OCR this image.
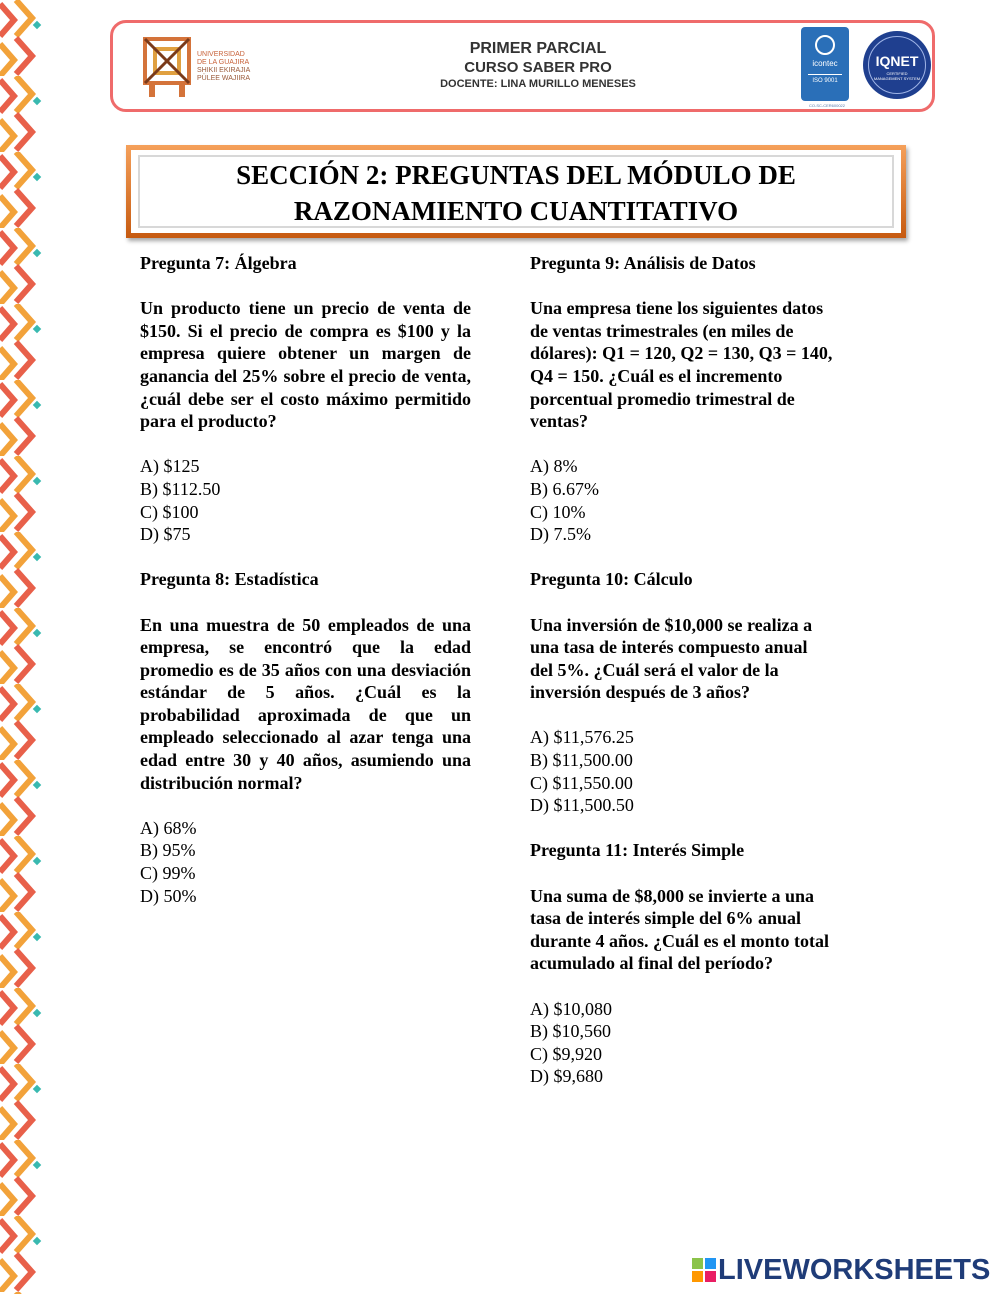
UNIVERSIDAD
DE LA GUAJIRA
SHIKII EKIRAJIA
PÜLEE WAJIIRA
PRIMER PARCIAL
CURSO SABER PRO
DOCENTE: LINA MURILLO MENESES
icontec
ISO 9001
CO-SC-CER600022
IQNET
CERTIFIED MANAGEMENT SYSTEM
SECCIÓN 2: PREGUNTAS DEL MÓDULO DE
RAZONAMIENTO CUANTITATIVO
Pregunta 7: Álgebra
Un producto tiene un precio de venta de $150. Si el precio de compra es $100 y la empresa quiere obtener un margen de ganancia del 25% sobre el precio de venta, ¿cuál debe ser el costo máximo permitido para el producto?
A) $125
B) $112.50
C) $100
D) $75
Pregunta 8: Estadística
En una muestra de 50 empleados de una empresa, se encontró que la edad promedio es de 35 años con una desviación estándar de 5 años. ¿Cuál es la probabilidad aproximada de que un empleado seleccionado al azar tenga una edad entre 30 y 40 años, asumiendo una distribución normal?
A) 68%
B) 95%
C) 99%
D) 50%
Pregunta 9: Análisis de Datos
Una empresa tiene los siguientes datos
de ventas trimestrales (en miles de
dólares): Q1 = 120, Q2 = 130, Q3 = 140,
Q4 = 150. ¿Cuál es el incremento
porcentual promedio trimestral de
ventas?
A) 8%
B) 6.67%
C) 10%
D) 7.5%
Pregunta 10: Cálculo
Una inversión de $10,000 se realiza a
una tasa de interés compuesto anual
del 5%. ¿Cuál será el valor de la
inversión después de 3 años?
A) $11,576.25
B) $11,500.00
C) $11,550.00
D) $11,500.50
Pregunta 11: Interés Simple
Una suma de $8,000 se invierte a una
tasa de interés simple del 6% anual
durante 4 años. ¿Cuál es el monto total
acumulado al final del período?
A) $10,080
B) $10,560
C) $9,920
D) $9,680
LIVEWORKSHEETS
